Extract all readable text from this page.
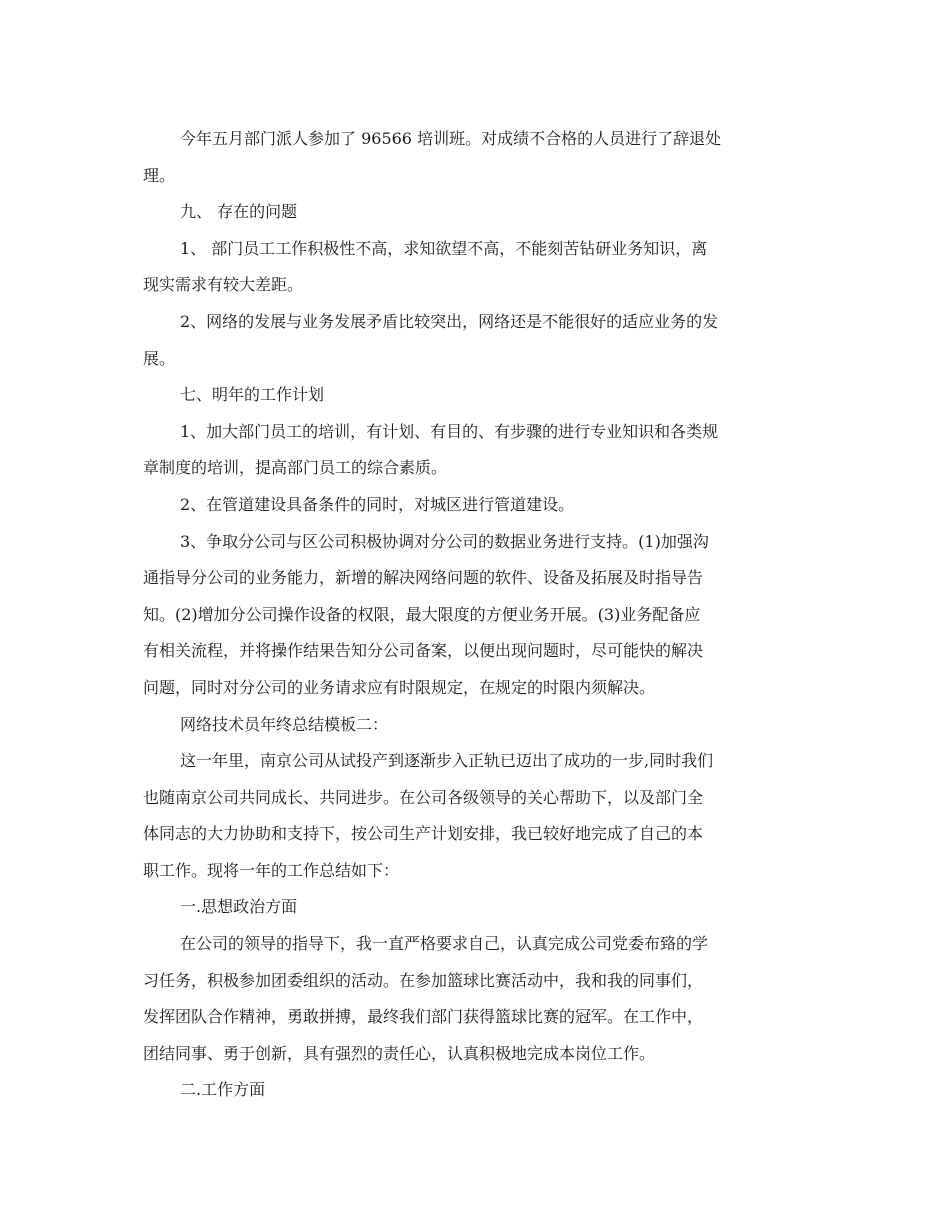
今年五月部门派人参加了 96566 培训班。对成绩不合格的人员进行了辞退处
理。
九、 存在的问题
1、 部门员工工作积极性不高，求知欲望不高，不能刻苦钻研业务知识，离
现实需求有较大差距。
2、网络的发展与业务发展矛盾比较突出，网络还是不能很好的适应业务的发
展。
七、明年的工作计划
1、加大部门员工的培训，有计划、有目的、有步骤的进行专业知识和各类规
章制度的培训，提高部门员工的综合素质。
2、在管道建设具备条件的同时，对城区进行管道建设。
3、争取分公司与区公司积极协调对分公司的数据业务进行支持。(1)加强沟
通指导分公司的业务能力，新增的解决网络问题的软件、设备及拓展及时指导告
知。(2)增加分公司操作设备的权限，最大限度的方便业务开展。(3)业务配备应
有相关流程，并将操作结果告知分公司备案，以便出现问题时，尽可能快的解决
问题，同时对分公司的业务请求应有时限规定，在规定的时限内须解决。
网络技术员年终总结模板二：
这一年里，南京公司从试投产到逐渐步入正轨已迈出了成功的一步,同时我们
也随南京公司共同成长、共同进步。在公司各级领导的关心帮助下，以及部门全
体同志的大力协助和支持下，按公司生产计划安排，我已较好地完成了自己的本
职工作。现将一年的工作总结如下：
一.思想政治方面
在公司的领导的指导下，我一直严格要求自己，认真完成公司党委布臵的学
习任务，积极参加团委组织的活动。在参加篮球比赛活动中，我和我的同事们，
发挥团队合作精神，勇敢拼搏，最终我们部门获得篮球比赛的冠军。在工作中，
团结同事、勇于创新，具有强烈的责任心，认真积极地完成本岗位工作。
二.工作方面
